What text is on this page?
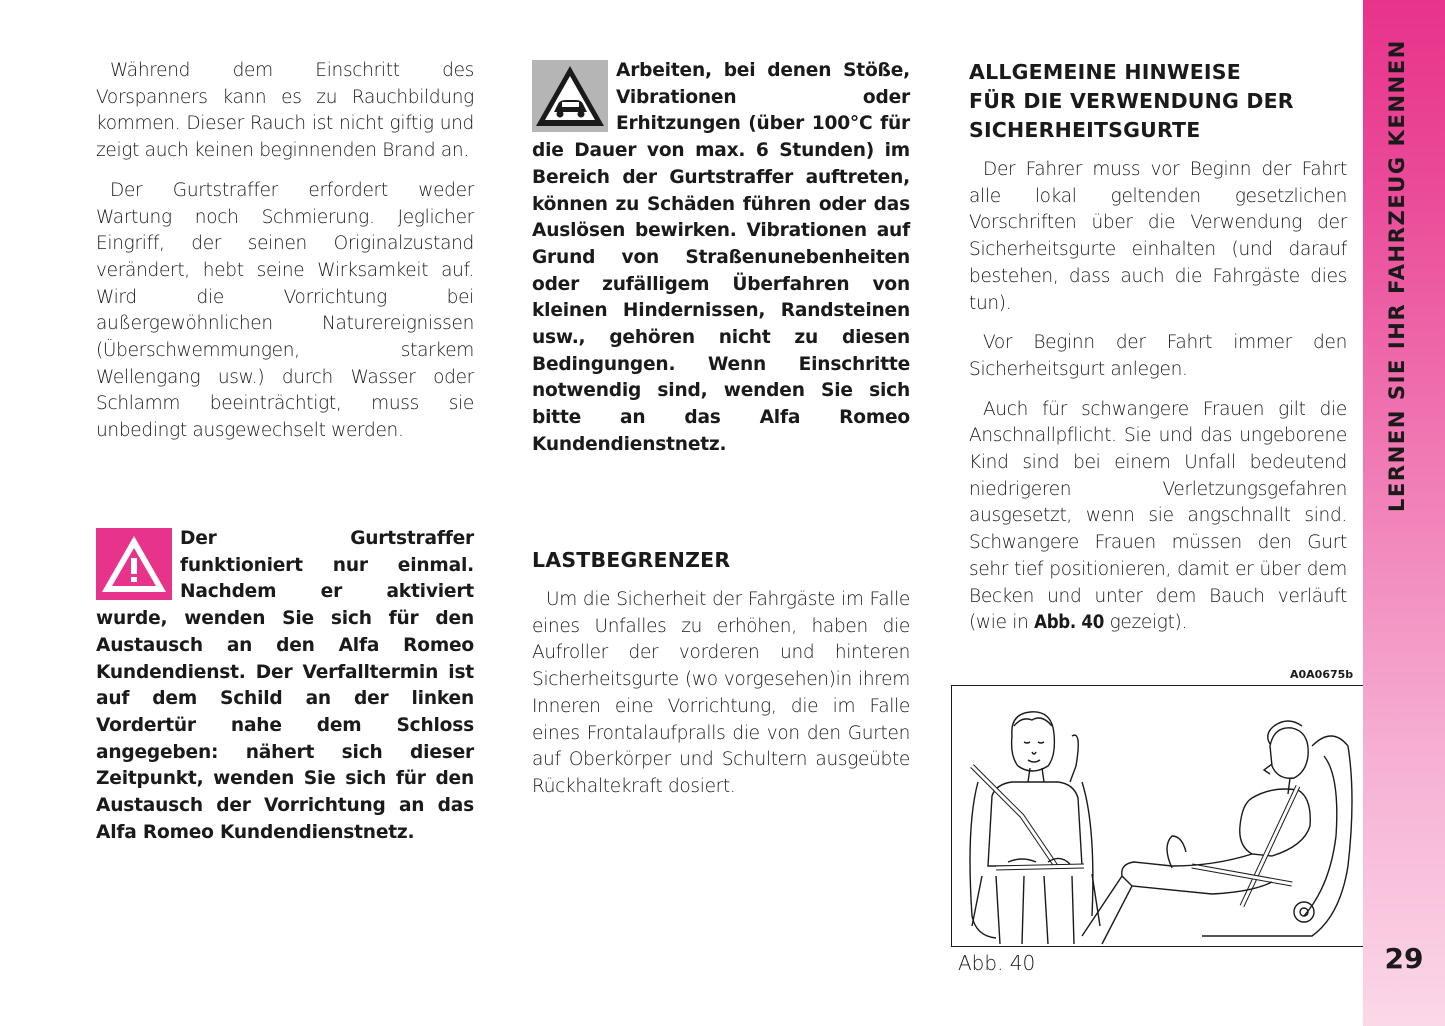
Während dem Einschritt des Vorspanners kann es zu Rauchbildung kommen. Dieser Rauch ist nicht giftig und zeigt auch keinen beginnenden Brand an.

Der Gurtstraffer erfordert weder Wartung noch Schmierung. Jeglicher Eingriff, der seinen Originalzustand verändert, hebt seine Wirksamkeit auf. Wird die Vorrichtung bei außergewöhnlichen Naturereignissen (Überschwemmungen, starkem Wellengang usw.) durch Wasser oder Schlamm beeinträchtigt, muss sie unbedingt ausgewechselt werden.

Der Gurtstraffer funktioniert nur einmal. Nachdem er aktiviert wurde, wenden Sie sich für den Austausch an den Alfa Romeo Kundendienst. Der Verfalltermin ist auf dem Schild an der linken Vordertür nahe dem Schloss angegeben: nähert sich dieser Zeitpunkt, wenden Sie sich für den Austausch der Vorrichtung an das Alfa Romeo Kundendienstnetz.

Arbeiten, bei denen Stöße, Vibrationen oder Erhitzungen (über 100°C für die Dauer von max. 6 Stunden) im Bereich der Gurtstraffer auftreten, können zu Schäden führen oder das Auslösen bewirken. Vibrationen auf Grund von Straßenunebenheiten oder zufälligem Überfahren von kleinen Hindernissen, Randsteinen usw., gehören nicht zu diesen Bedingungen. Wenn Einschritte notwendig sind, wenden Sie sich bitte an das Alfa Romeo Kundendienstnetz.

LASTBEGRENZER

Um die Sicherheit der Fahrgäste im Falle eines Unfalles zu erhöhen, haben die Aufroller der vorderen und hinteren Sicherheitsgurte (wo vorgesehen)in ihrem Inneren eine Vorrichtung, die im Falle eines Frontalaufpralls die von den Gurten auf Oberkörper und Schultern ausgeübte Rückhaltekraft dosiert.

ALLGEMEINE HINWEISE
FÜR DIE VERWENDUNG DER
SICHERHEITSGURTE

Der Fahrer muss vor Beginn der Fahrt alle lokal geltenden gesetzlichen Vorschriften über die Verwendung der Sicherheitsgurte einhalten (und darauf bestehen, dass auch die Fahrgäste dies tun).

Vor Beginn der Fahrt immer den Sicherheitsgurt anlegen.

Auch für schwangere Frauen gilt die Anschnallpflicht. Sie und das ungeborene Kind sind bei einem Unfall bedeutend niedrigeren Verletzungsgefahren ausgesetzt, wenn sie angschnallt sind. Schwangere Frauen müssen den Gurt sehr tief positionieren, damit er über dem Becken und unter dem Bauch verläuft (wie in Abb. 40 gezeigt).

A0A0675b
Abb. 40
LERNEN SIE IHR FAHRZEUG KENNEN
29
